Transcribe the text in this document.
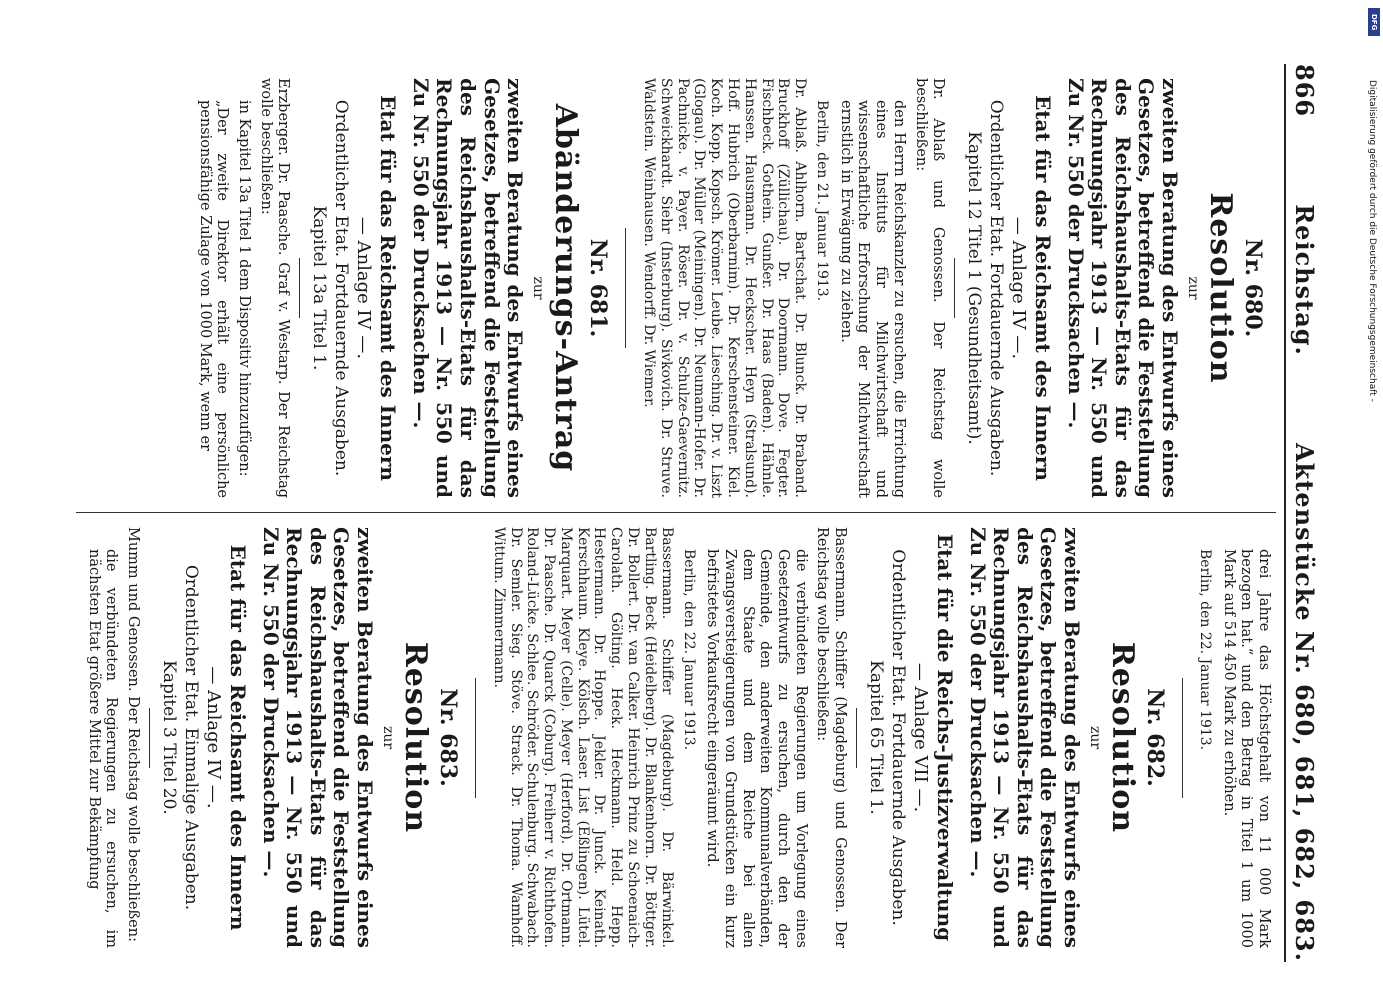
866
Reichstag.
Aktenstücke Nr. 680, 681, 682, 683.
Nr. 680.
Resolution
zur
zweiten Beratung des Entwurfs eines Gesetzes, betreffend die Feststellung des Reichshaushalts-Etats für das Rechnungsjahr 1913 — Nr. 550 und Zu Nr. 550 der Drucksachen —.
Etat für das Reichsamt des Innern
— Anlage IV —.
Ordentlicher Etat. Fortdauernde Ausgaben.
Kapitel 12 Titel 1 (Gesundheitsamt).
Dr. Ablaß und Genossen. Der Reichstag wolle beschließen:
den Herrn Reichskanzler zu ersuchen, die Errichtung eines Instituts für Milchwirtschaft und wissenschaftliche Erforschung der Milchwirtschaft ernstlich in Erwägung zu ziehen.
Berlin, den 21. Januar 1913.
Dr. Ablaß. Ahlhorn. Bartschat. Dr. Blunck. Dr. Braband. Bruckhoff (Züllichau). Dr. Doormann. Dove. Fegter. Fischbeck. Gothein. Gunßer. Dr. Haas (Baden). Hähnle. Hanssen. Hausmann. Dr. Heckscher. Heyn (Stralsund). Hoff. Hubrich (Oberbarnim). Dr. Kerschensteiner. Kiel. Koch. Kopp. Kopsch. Krömer. Leube. Liesching. Dr. v. Liszt (Glogau). Dr. Müller (Meiningen). Dr. Neumann-Hofer. Dr. Pachnicke. v. Payer. Röser. Dr. v. Schulze-Gaevernitz. Schweickhardt. Siehr (Insterburg). Sivkovich. Dr. Struve. Waldstein. Weinhausen. Wendorff. Dr. Wiemer.
Nr. 681.
Abänderungs-Antrag
zur
zweiten Beratung des Entwurfs eines Gesetzes, betreffend die Feststellung des Reichshaushalts-Etats für das Rechnungsjahr 1913 — Nr. 550 und Zu Nr. 550 der Drucksachen —.
Etat für das Reichsamt des Innern
— Anlage IV —.
Ordentlicher Etat. Fortdauernde Ausgaben.
Kapitel 13a Titel 1.
Erzberger. Dr. Paasche. Graf v. Westarp. Der Reichstag wolle beschließen:
in Kapitel 13a Titel 1 dem Dispositiv hinzuzufügen:
„Der zweite Direktor erhält eine persönliche pensionsfähige Zulage von 1000 Mark, wenn er
drei Jahre das Höchstgehalt von 11 000 Mark bezogen hat.“ und den Betrag in Titel 1 um 1000 Mark auf 514 450 Mark zu erhöhen.
Berlin, den 22. Januar 1913.
Nr. 682.
Resolution
zur
zweiten Beratung des Entwurfs eines Gesetzes, betreffend die Feststellung des Reichshaushalts-Etats für das Rechnungsjahr 1913 — Nr. 550 und Zu Nr. 550 der Drucksachen —.
Etat für die Reichs-Justizverwaltung
— Anlage VII —.
Ordentlicher Etat. Fortdauernde Ausgaben.
Kapitel 65 Titel 1.
Bassermann. Schiffer (Magdeburg) und Genossen. Der Reichstag wolle beschließen:
die verbündeten Regierungen um Vorlegung eines Gesetzentwurfs zu ersuchen, durch den der Gemeinde, den anderweiten Kommunalverbänden, dem Staate und dem Reiche bei allen Zwangsversteigerungen von Grundstücken ein kurz befristetes Vorkaufsrecht eingeräumt wird.
Berlin, den 22. Januar 1913.
Bassermann. Schiffer (Magdeburg). Dr. Bärwinkel. Bartling. Beck (Heidelberg). Dr. Blankenhorn. Dr. Böttger. Dr. Bollert. Dr. van Calker. Heinrich Prinz zu Schoenaich-Carolath. Gölting. Heck. Heckmann. Held. Hepp. Hestermann. Dr. Hoppe. Jekler. Dr. Junck. Keinath. Kerschhaum. Kleye. Kölsch. Laser. List (Eßlingen). Lütel. Marquart. Meyer (Celle). Meyer (Herford). Dr. Ortmann. Dr. Paasche. Dr. Quarck (Coburg). Freiherr v. Richthofen. Roland-Lücke. Schlee. Schröder. Schulenburg. Schwabach. Dr. Semler. Sieg. Stöve. Strack. Dr. Thoma. Wamhoff. Wittum. Zimmermann.
Nr. 683.
Resolution
zur
zweiten Beratung des Entwurfs eines Gesetzes, betreffend die Feststellung des Reichshaushalts-Etats für das Rechnungsjahr 1913 — Nr. 550 und Zu Nr. 550 der Drucksachen —.
Etat für das Reichsamt des Innern
— Anlage IV —.
Ordentlicher Etat. Einmalige Ausgaben.
Kapitel 3 Titel 20.
Mumm und Genossen. Der Reichstag wolle beschließen:
die verbündeten Regierungen zu ersuchen, im nächsten Etat größere Mittel zur Bekämpfung
DFG
Digitalisierung gefördert durch die Deutsche Forschungsgemeinschaft -
